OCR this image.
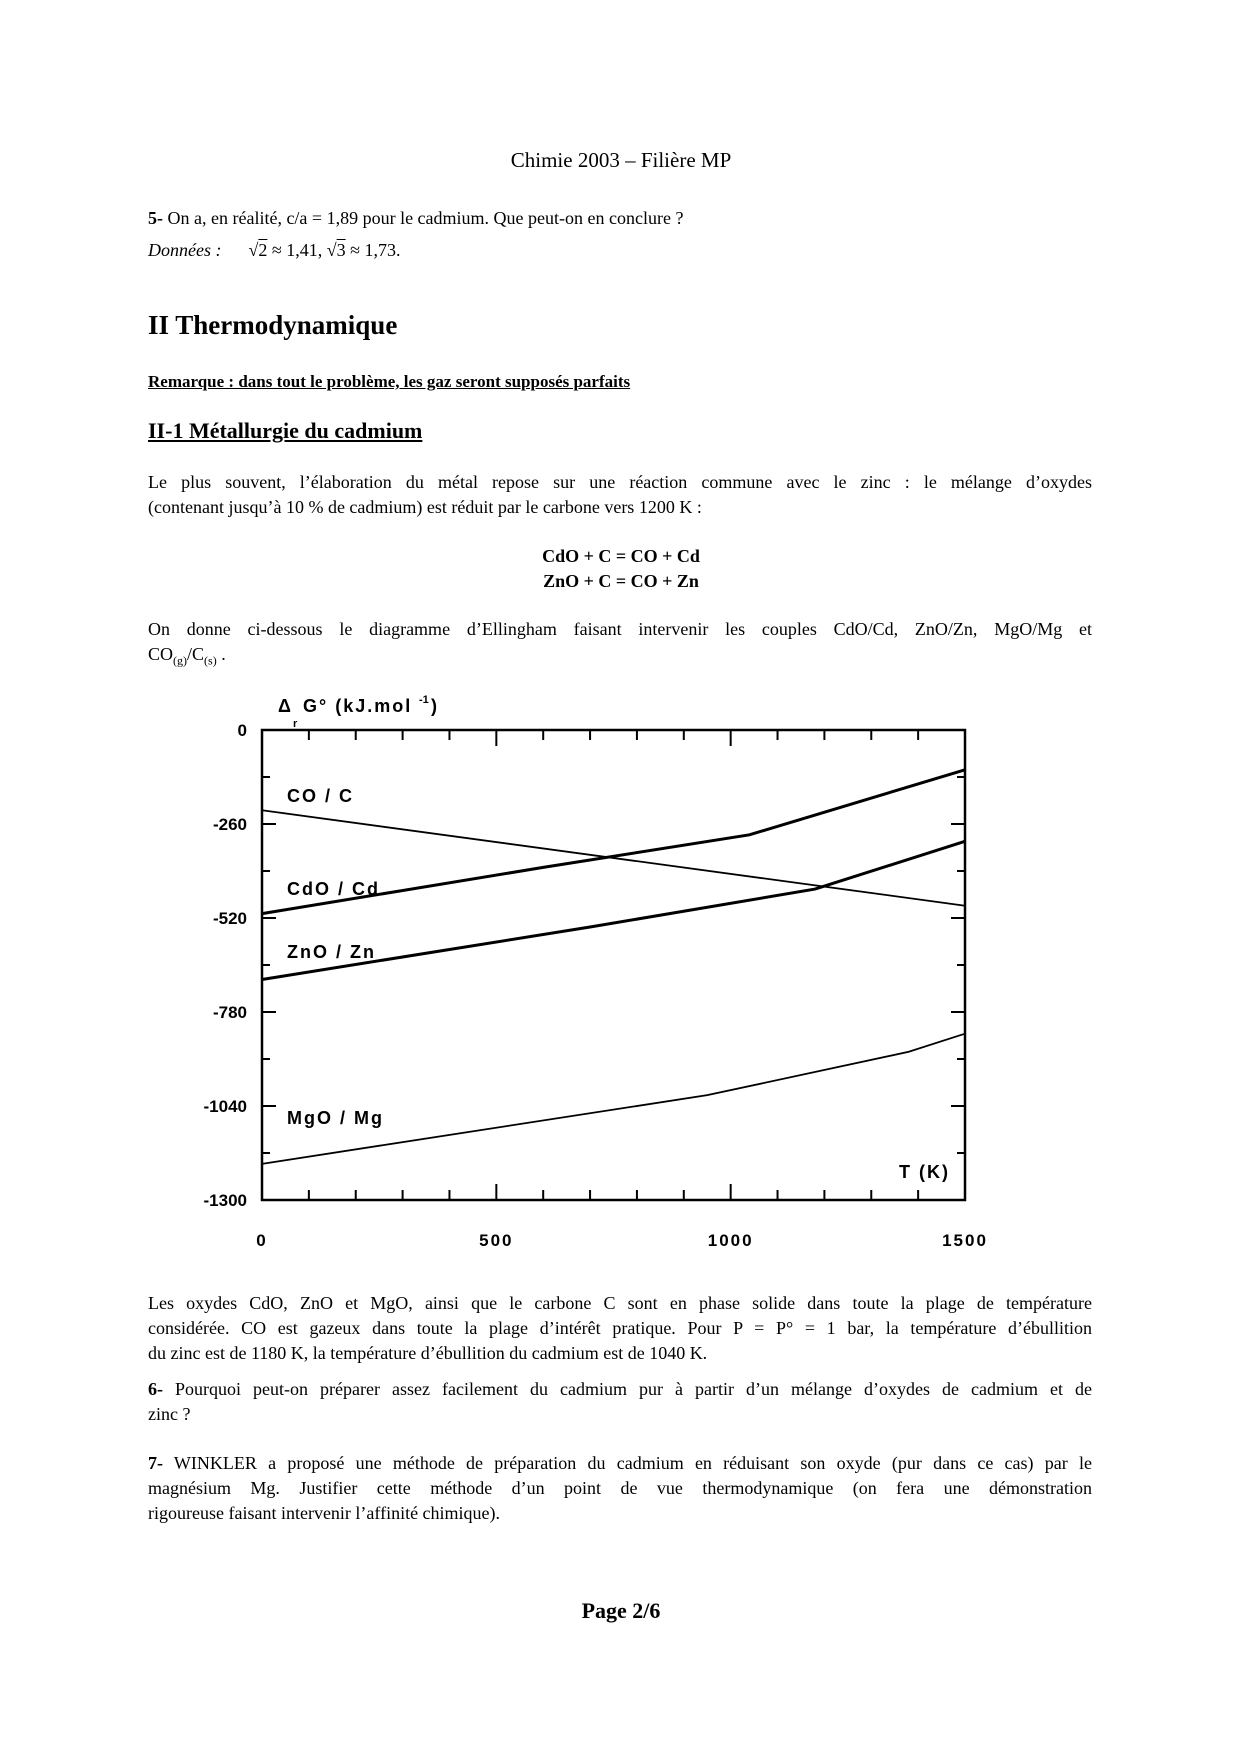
Chimie 2003 – Filière MP
5- On a, en réalité, c/a = 1,89 pour le cadmium. Que peut-on en conclure ?
Données : √2 ≈ 1,41, √3 ≈ 1,73.
II Thermodynamique
Remarque : dans tout le problème, les gaz seront supposés parfaits
II-1 Métallurgie du cadmium
Le plus souvent, l’élaboration du métal repose sur une réaction commune avec le zinc : le mélange d’oxydes
(contenant jusqu’à 10 % de cadmium) est réduit par le carbone vers 1200 K :
CdO + C = CO + Cd
ZnO + C = CO + Zn
On donne ci-dessous le diagramme d’Ellingham faisant intervenir les couples CdO/Cd, ZnO/Zn, MgO/Mg et
$CO_{(g)}/C_{(s)}$ .
0
-260
-520
-780
-1040
-1300
0	500	1000	1500
CO / C
CdO / Cd
ZnO / Zn
MgO / Mg
T (K)
Δ
r
G° (kJ.mol -1 )
Les oxydes CdO, ZnO et MgO, ainsi que le carbone C sont en phase solide dans toute la plage de température
considérée. CO est gazeux dans toute la plage d’intérêt pratique. Pour P = P° = 1 bar, la température d’ébullition
du zinc est de 1180 K, la température d’ébullition du cadmium est de 1040 K.
6- Pourquoi peut-on préparer assez facilement du cadmium pur à partir d’un mélange d’oxydes de cadmium et de
zinc ?
7- WINKLER a proposé une méthode de préparation du cadmium en réduisant son oxyde (pur dans ce cas) par le
magnésium Mg. Justifier cette méthode d’un point de vue thermodynamique (on fera une démonstration
rigoureuse faisant intervenir l’affinité chimique).
Page 2/6
